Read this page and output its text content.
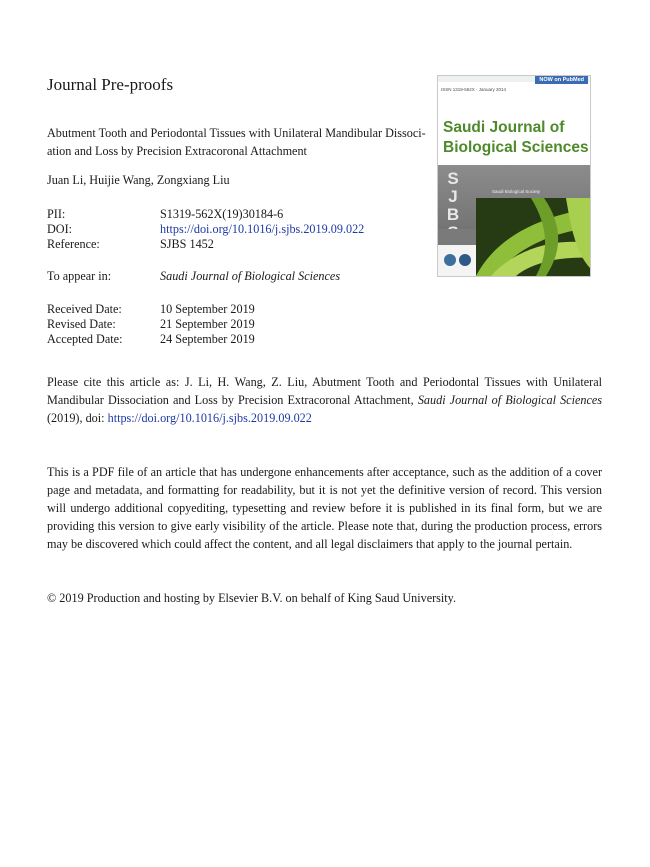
Journal Pre-proofs
Abutment Tooth and Periodontal Tissues with Unilateral Mandibular Dissoci-
ation and Loss by Precision Extracoronal Attachment
Juan Li, Huijie Wang, Zongxiang Liu
PII:	S1319-562X(19)30184-6
DOI:	https://doi.org/10.1016/j.sjbs.2019.09.022
Reference:	SJBS 1452
To appear in:	Saudi Journal of Biological Sciences
Received Date:	10 September 2019
Revised Date:	21 September 2019
Accepted Date:	24 September 2019
Please cite this article as: J. Li, H. Wang, Z. Liu, Abutment Tooth and Periodontal Tissues with Unilateral Mandibular Dissociation and Loss by Precision Extracoronal Attachment, Saudi Journal of Biological Sciences (2019), doi: https://doi.org/10.1016/j.sjbs.2019.09.022
This is a PDF file of an article that has undergone enhancements after acceptance, such as the addition of a cover page and metadata, and formatting for readability, but it is not yet the definitive version of record. This version will undergo additional copyediting, typesetting and review before it is published in its final form, but we are providing this version to give early visibility of the article. Please note that, during the production process, errors may be discovered which could affect the content, and all legal disclaimers that apply to the journal pertain.
© 2019 Production and hosting by Elsevier B.V. on behalf of King Saud University.
NOW on PubMed
ISSN 1319-562X · January 2014
Saudi Journal of Biological Sciences
S
J
B
Saudi Biological Society
